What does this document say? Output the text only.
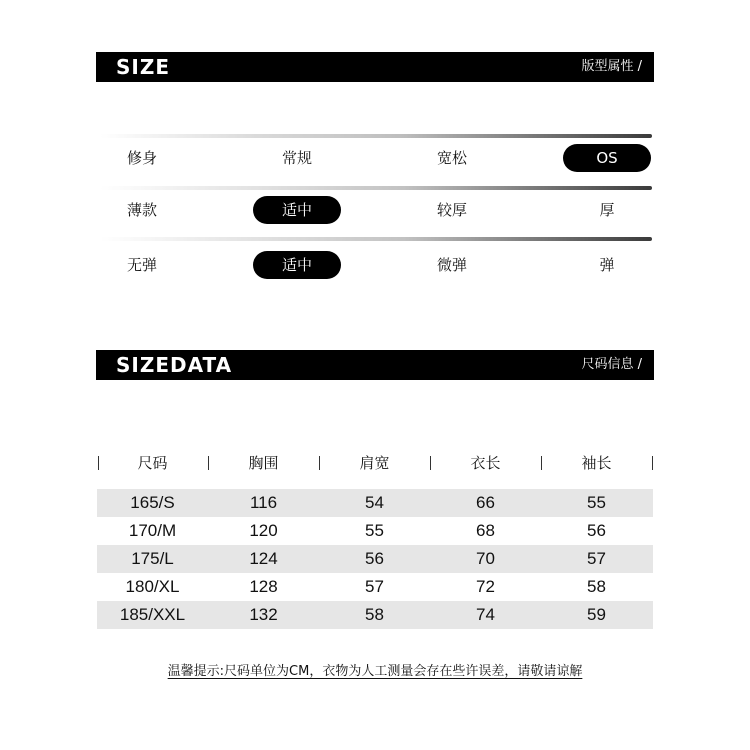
SIZE	版型属性 /
修身	常规	宽松	OS
薄款	适中	较厚	厚
无弹	适中	微弹	弹
SIZEDATA	尺码信息 /
尺码	胸围	肩宽	衣长	袖长
165/S	116	54	66	55
170/M	120	55	68	56
175/L	124	56	70	57
180/XL	128	57	72	58
185/XXL	132	58	74	59
温馨提示:尺码单位为CM，衣物为人工测量会存在些许误差，请敬请谅解
